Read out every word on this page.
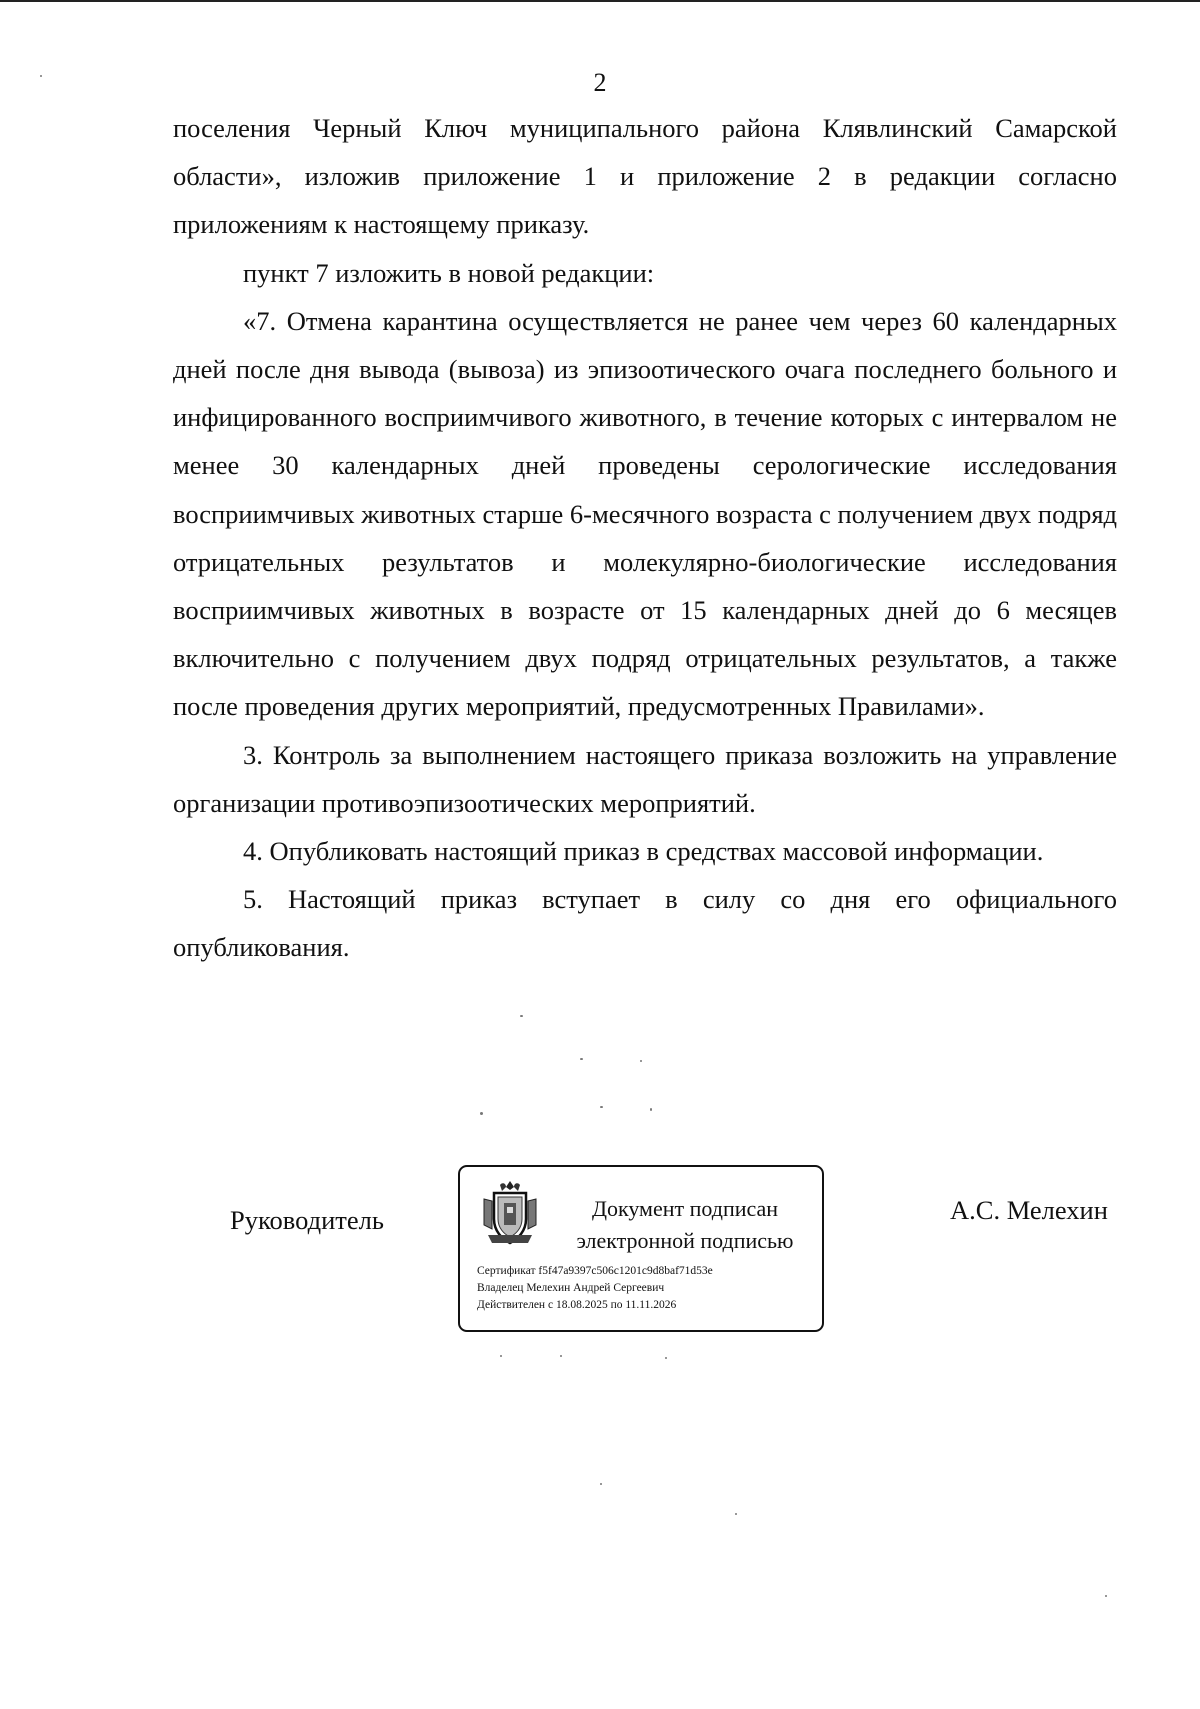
2

поселения Черный Ключ муниципального района Клявлинский Самарской области», изложив приложение 1 и приложение 2 в редакции согласно приложениям к настоящему приказу.

пункт 7 изложить в новой редакции:

«7. Отмена карантина осуществляется не ранее чем через 60 календарных дней после дня вывода (вывоза) из эпизоотического очага последнего больного и инфицированного восприимчивого животного, в течение которых с интервалом не менее 30 календарных дней проведены серологические исследования восприимчивых животных старше 6-месячного возраста с получением двух подряд отрицательных результатов и молекулярно-биологические исследования восприимчивых животных в возрасте от 15 календарных дней до 6 месяцев включительно с получением двух подряд отрицательных результатов, а также после проведения других мероприятий, предусмотренных Правилами».

3. Контроль за выполнением настоящего приказа возложить на управление организации противоэпизоотических мероприятий.

4. Опубликовать настоящий приказ в средствах массовой информации.

5. Настоящий приказ вступает в силу со дня его официального опубликования.

Руководитель	Документ подписан
электронной подписью
Сертификат f5f47a9397c506c1201c9d8baf71d53e
Владелец Мелехин Андрей Сергеевич
Действителен с 18.08.2025 по 11.11.2026
А.С. Мелехин
